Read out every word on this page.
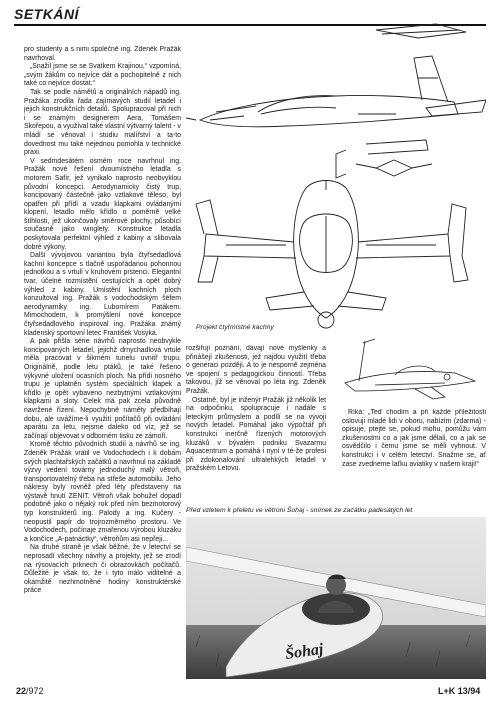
SETKÁNÍ

pro studenty a s nimi společně ing. Zdeněk Pražák navrhoval.

„Snažil jsme se se Svatkem Krajinou,“ vzpomíná, „svým žákům co nejvíce dát a pochopitelně z nich také co nejvíce dostat.“

Tak se podle námětů a originálních nápadů ing. Pražáka zrodila řada zajímavých studií letadel i jejich konstrukčních detailů. Spolupracoval při nich i se známým designerem Aera, Tomášem Skořepou, a využíval také vlastní výtvarný talent - v mládí se věnoval i studiu malířství a ta-to dovednost mu také nejednou pomohla v technické praxi.

V sedmdesátém osmém roce navrhnul ing. Pražák nové řešení dvoumístného letadla s motorem Safír, jež vynikalo naprosto neobvyklou původní koncepcí. Aerodynamicky čistý trup, koncipovaný částečně jako vztlakové těleso, byl opatřen při přídi a vzadu klapkami ovládanými klopení, letadlo mělo křídlo o poměrně velké štíhlosti, jež ukončovaly směrové plochy, působící současně jako winglety. Konstrukce letadla poskytovala perfektní výhled z kabiny a slibovala dobré výkony.

Další vývojovou variantou byla čtyřsedadlová kachní koncepce s tlačně uspořádanou pohonnou jednotkou a s vrtulí v kruhovém prstenci. Elegantní tvar, účelné rozmístění cestujících a opět dobrý výhled z kabiny. Umístění kachních ploch konzultoval ing. Pražák s vodochodským šéfem aerodynamiky ing. Lubomírem Patákem. Mimochodem, k promýšlení nové koncepce čtyřsedadlového inspiroval ing. Pražáka známý kladenský sportovní letec František Vosyka.

A pak přišla série návrhů naprosto neobvykle koncipovaných letadel, jejichž drnychadlová vrtule měla pracovat v šikmém tunelu uvnitř trupu. Originálně, podle letu ptáků, je také řešeno výkyvné uložení ocasních ploch. Na přídi nosného trupu je uplatněn systém speciálních klapek a křídlo je opět vybaveno nezbytnými vztlakovými klapkami a sloty. Celek má pak zcela původně navržené řízení. Nepochybně námětу předbíhají dobu, ale uvážíme-li využití počítačů při ovládání aparátu za letu, nejsme daleko od víz, jež se začínají objevovat v odborném tisku ze zámoří.

Kromě těchto původních studií a návrhů se ing. Zdeněk Pražák vrátil ve Vodochodech i k dobám svých plachtařských začátků a navrhnul na základě výzvy vedení továrny jednoduchý malý větroň, transportovatelný třeba na střeše automobilu. Jeho nákresy byly rovněž před léty představeny na výstavě hnutí ZENIT. Větroň však bohužel dopadl podobně jako o nějaký rok před ním bezmotorový typ konstruktérů ing. Palody a ing. Kučery - neopustil papír do trojrozměrného prostoru. Ve Vodochodech, počínaje zmařenou výrobou kluzáku a končíce „A-patnáctky“, větroňům asi nepřeji...

Na druhé straně je však běžné, že v letectví se neprosadí všechny návrhy a projekty, jež se zrodí na rýsovacích prknech či obrazovkách počítačů. Důležité je však to, že i tyto málo viditelné a okamžitě nezhmotněné hodiny konstruktérské práce

Projekt čtyřmístné kachny

rozšiřují poznání, dávají nové myšlenky a přinášejí zkušenosti, jež najdou využití třeba o generaci později. A to je nesporně zejména ve spojení s pedagogickou činností. Třeba takovou, jíž se věnoval po léta ing. Zdeněk Pražák.

Ostatně, byl je inženýr Pražák již několik let na odpočinku, spolupracuje i nadále s leteckým průmyslem a podílí se na vývoji nových letadel. Pomáhal jako výpočtář při konstrukci inerčně řízených motorových kluzáků v bývalém podniku Svazarmu Aquacentrum a pomáhá i nyní v té-že profesi při zdokonalování ultralehkých letadel v pražském Letovu.

Říká: „Teď chodím a při každé příležitosti oslovuji mladé lidi v oboru, nabízím (zdarma) - opisuje, ptejte se, pokud mohu, pomůžu vám zkušenostmi co a jak jsme dělali, co a jak se osvědčilo i čemu jsme se měli vyhnout. V konstrukci i v celém letectví. Snažme se, ať zase zvedneme laťku aviatiky v našem kraji!“

Před vzletem k přeletu ve větroni Šohaj - snímek ze začátku padesátých let
Šohaj
22/972	L+K 13/94
